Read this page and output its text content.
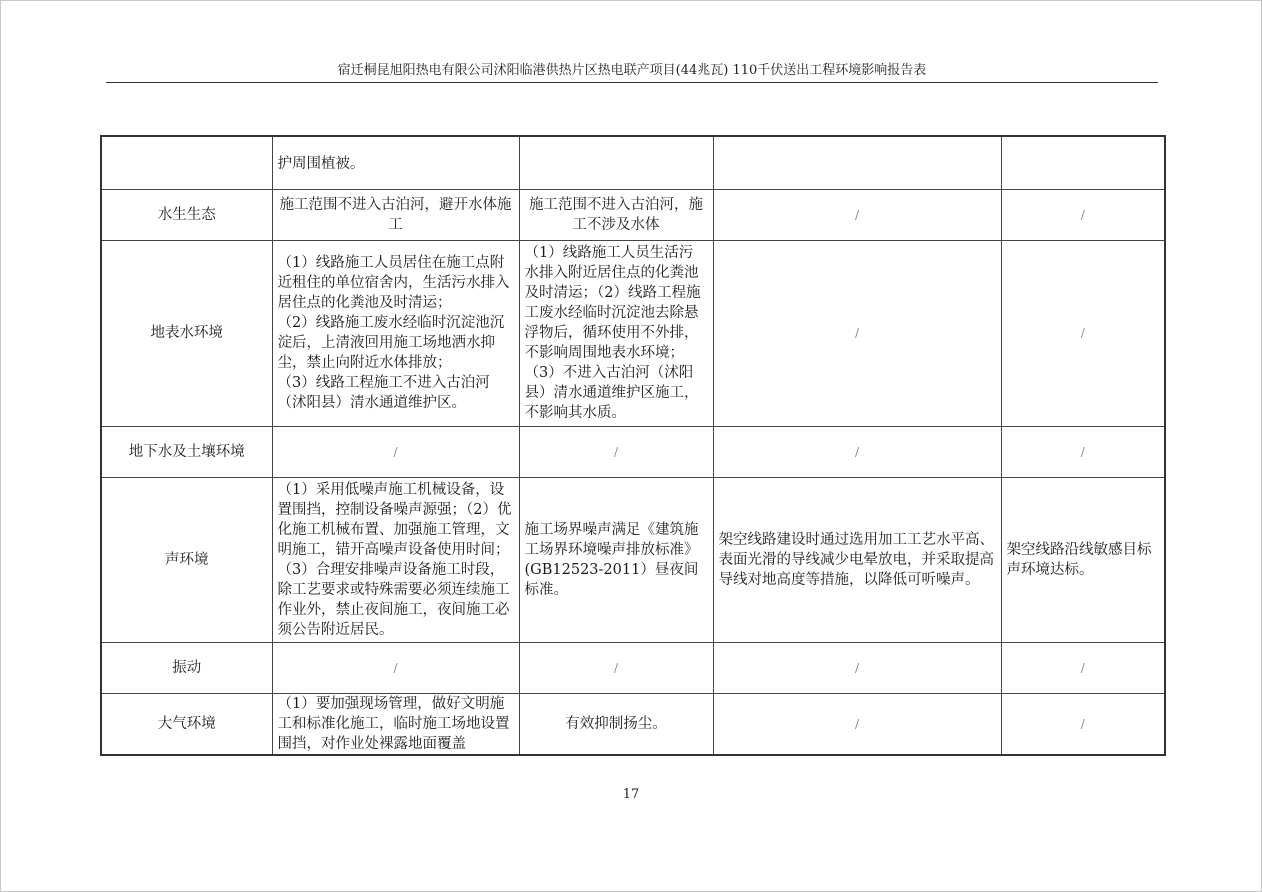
宿迁桐昆旭阳热电有限公司沭阳临港供热片区热电联产项目(44兆瓦) 110千伏送出工程环境影响报告表
	护周围植被。			
水生生态	施工范围不进入古泊河，避开水体施工	施工范围不进入古泊河，施工不涉及水体	/	/
地表水环境	（1）线路施工人员居住在施工点附近租住的单位宿舍内，生活污水排入居住点的化粪池及时清运；
（2）线路施工废水经临时沉淀池沉淀后，上清液回用施工场地洒水抑尘，禁止向附近水体排放；
（3）线路工程施工不进入古泊河（沭阳县）清水通道维护区。	（1）线路施工人员生活污水排入附近居住点的化粪池及时清运；（2）线路工程施工废水经临时沉淀池去除悬浮物后，循环使用不外排，不影响周围地表水环境；（3）不进入古泊河（沭阳县）清水通道维护区施工，不影响其水质。	/	/
地下水及土壤环境	/	/	/	/
声环境	（1）采用低噪声施工机械设备，设置围挡，控制设备噪声源强；（2）优化施工机械布置、加强施工管理，文明施工，错开高噪声设备使用时间；（3）合理安排噪声设备施工时段，除工艺要求或特殊需要必须连续施工作业外，禁止夜间施工，夜间施工必须公告附近居民。	施工场界噪声满足《建筑施工场界环境噪声排放标准》(GB12523-2011）昼夜间标准。	架空线路建设时通过选用加工工艺水平高、表面光滑的导线减少电晕放电，并采取提高导线对地高度等措施，以降低可听噪声。	架空线路沿线敏感目标声环境达标。
振动	/	/	/	/
大气环境	（1）要加强现场管理，做好文明施工和标准化施工，临时施工场地设置围挡，对作业处裸露地面覆盖	有效抑制扬尘。	/	/
17
